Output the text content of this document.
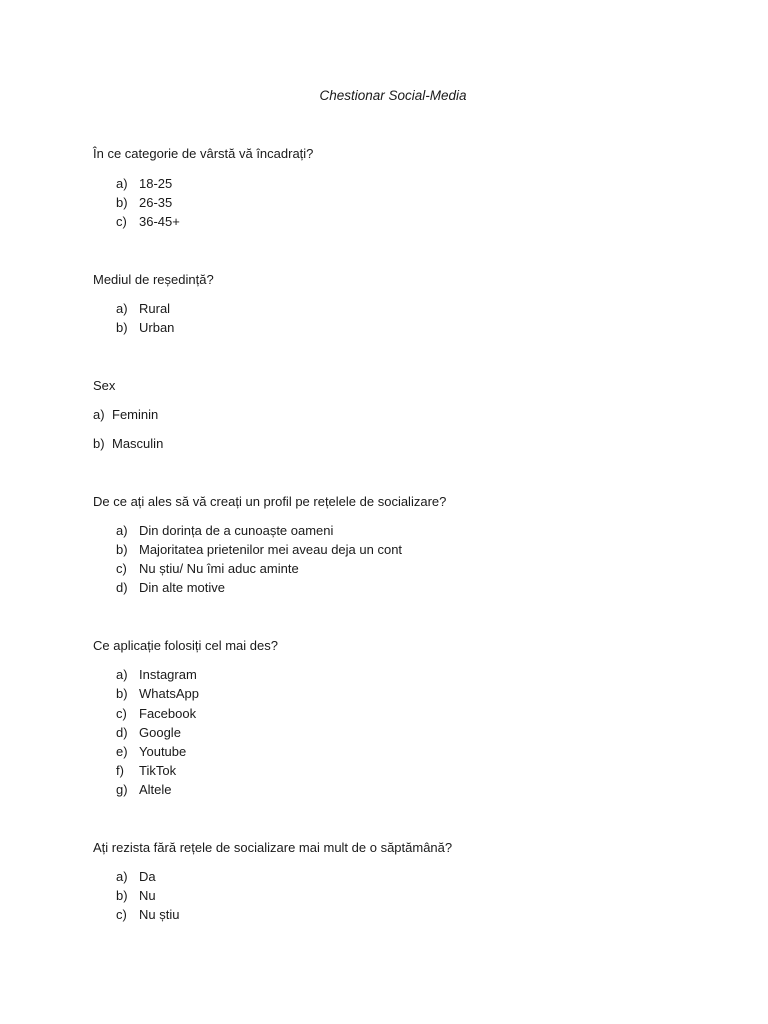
Chestionar Social-Media
În ce categorie de vârstă vă încadrați?
a) 18-25
b) 26-35
c) 36-45+
Mediul de reședință?
a) Rural
b) Urban
Sex
a) Feminin
b) Masculin
De ce ați ales să vă creați un profil pe rețelele de socializare?
a) Din dorința de a cunoaște oameni
b) Majoritatea prietenilor mei aveau deja un cont
c) Nu știu/ Nu îmi aduc aminte
d) Din alte motive
Ce aplicație folosiți cel mai des?
a) Instagram
b) WhatsApp
c) Facebook
d) Google
e) Youtube
f) TikTok
g) Altele
Ați rezista fără rețele de socializare mai mult de o săptămână?
a) Da
b) Nu
c) Nu știu
